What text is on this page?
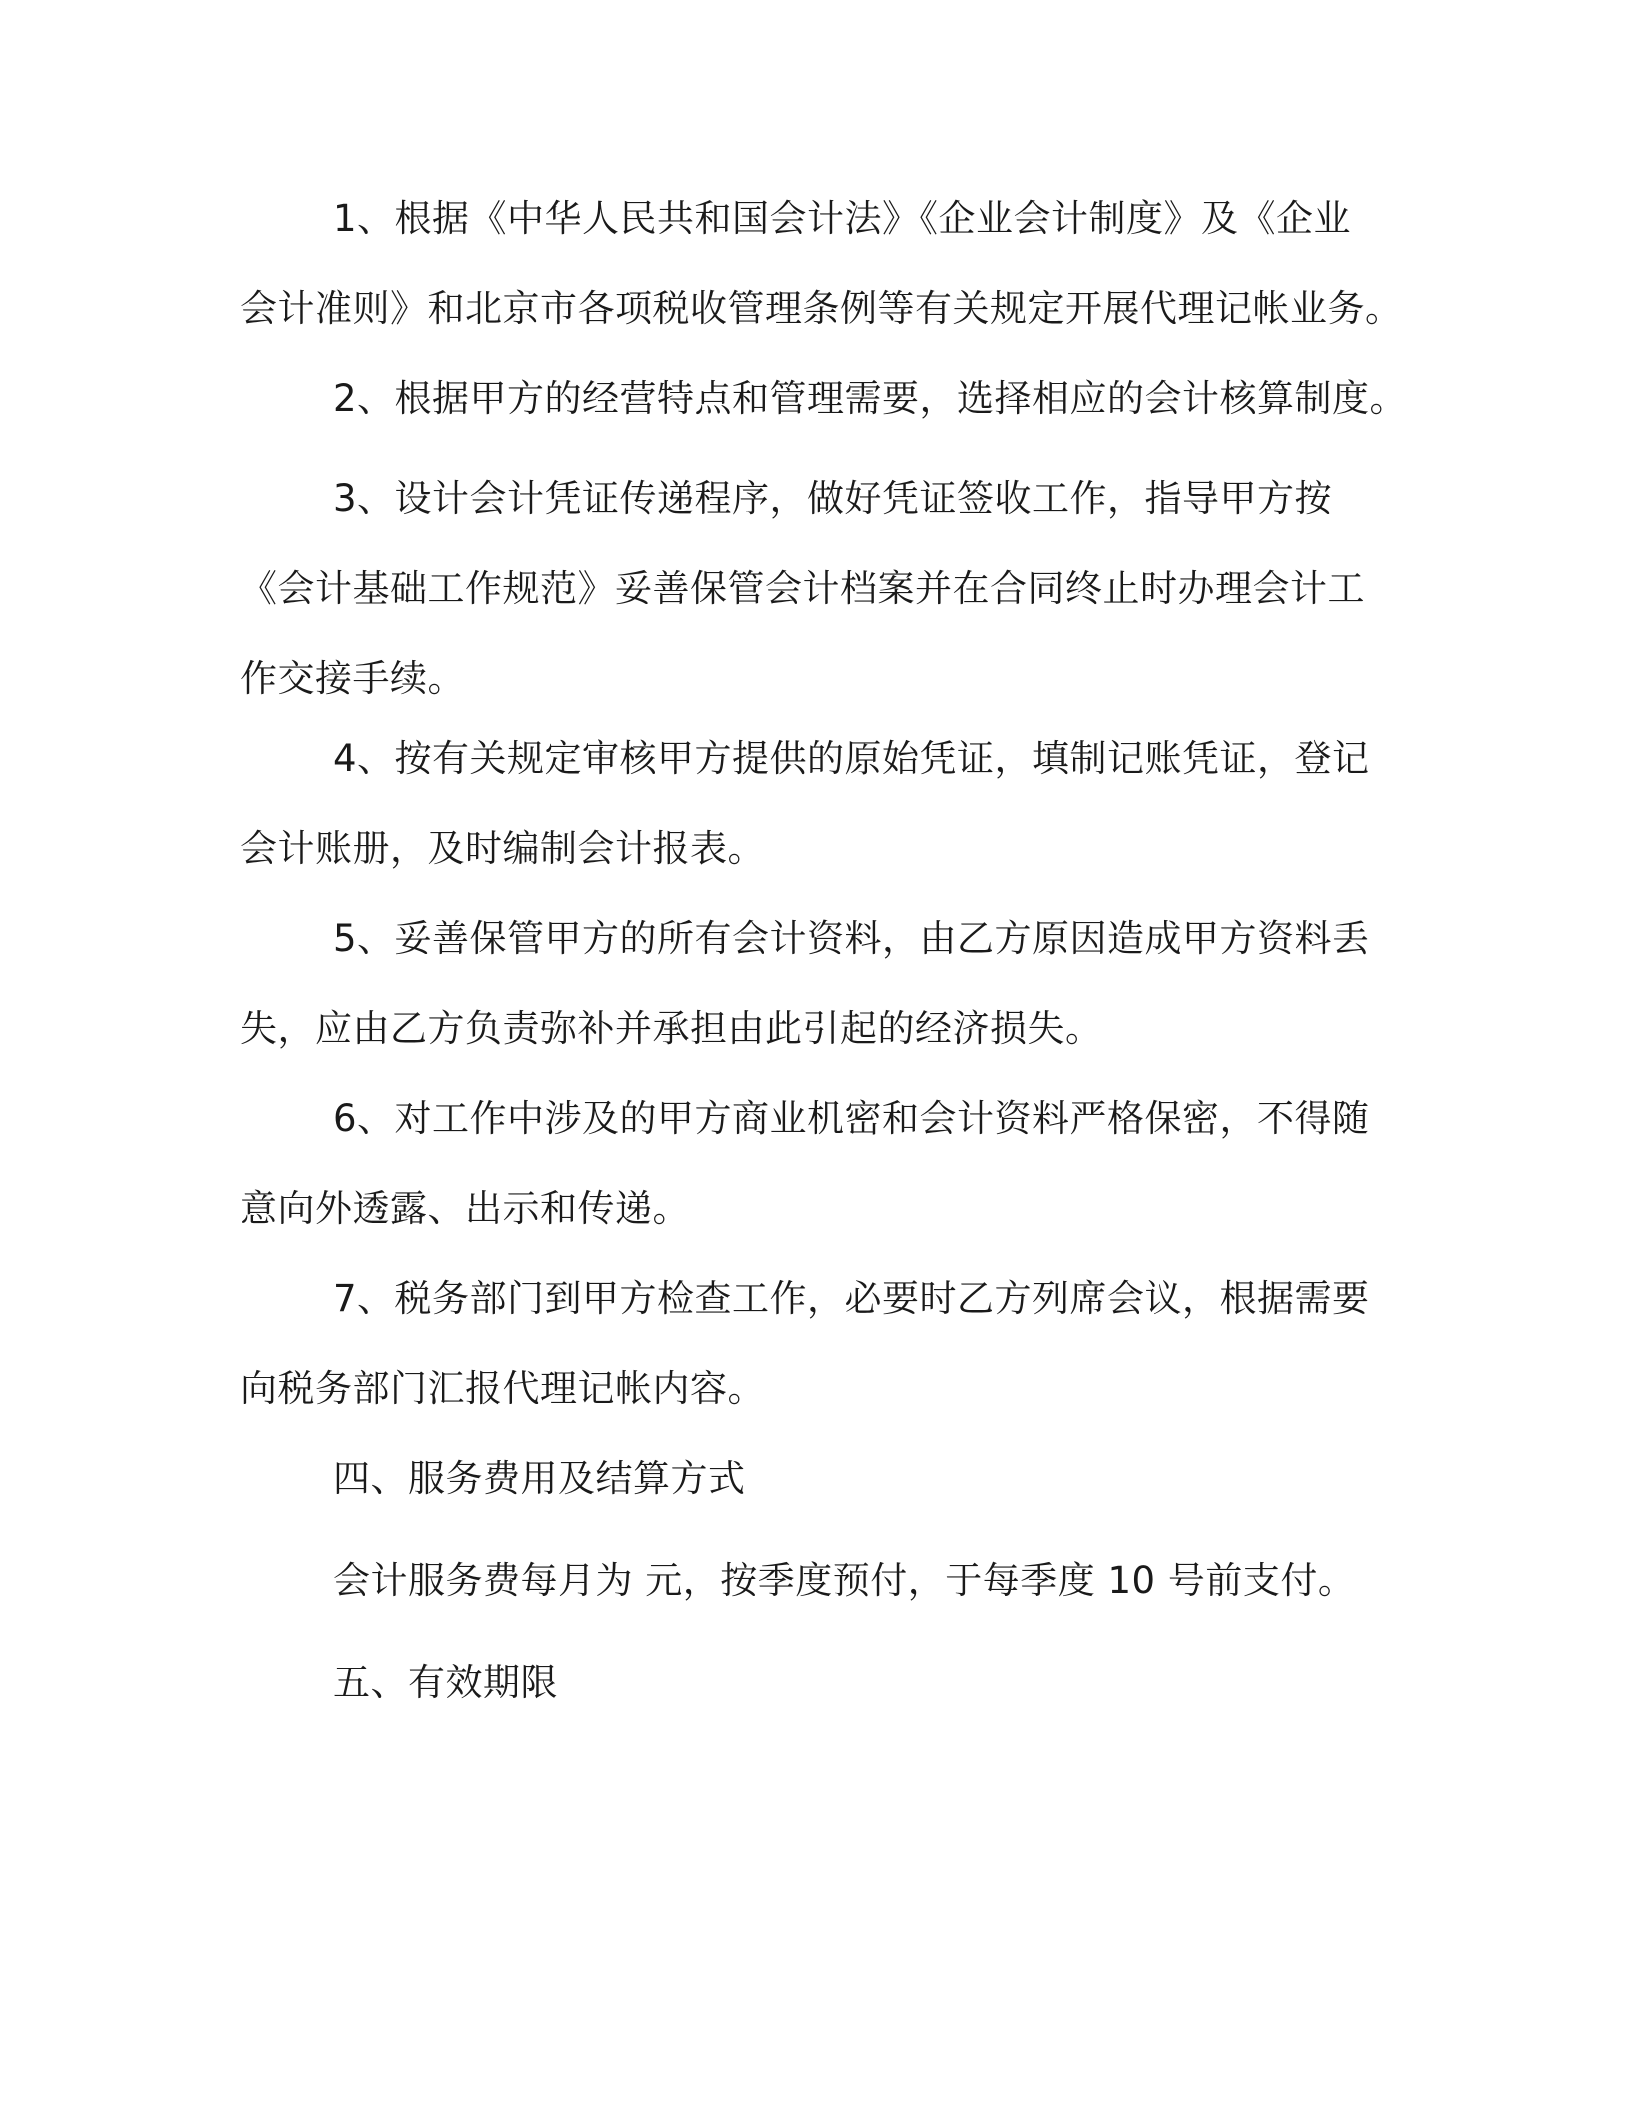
1、根据《中华人民共和国会计法》《企业会计制度》及《企业
会计准则》和北京市各项税收管理条例等有关规定开展代理记帐业务。
2、根据甲方的经营特点和管理需要，选择相应的会计核算制度。
3、设计会计凭证传递程序，做好凭证签收工作，指导甲方按
《会计基础工作规范》妥善保管会计档案并在合同终止时办理会计工
作交接手续。
4、按有关规定审核甲方提供的原始凭证，填制记账凭证，登记
会计账册，及时编制会计报表。
5、妥善保管甲方的所有会计资料，由乙方原因造成甲方资料丢
失，应由乙方负责弥补并承担由此引起的经济损失。
6、对工作中涉及的甲方商业机密和会计资料严格保密，不得随
意向外透露、出示和传递。
7、税务部门到甲方检查工作，必要时乙方列席会议，根据需要
向税务部门汇报代理记帐内容。
四、服务费用及结算方式
会计服务费每月为 元，按季度预付，于每季度 10 号前支付。
五、有效期限
